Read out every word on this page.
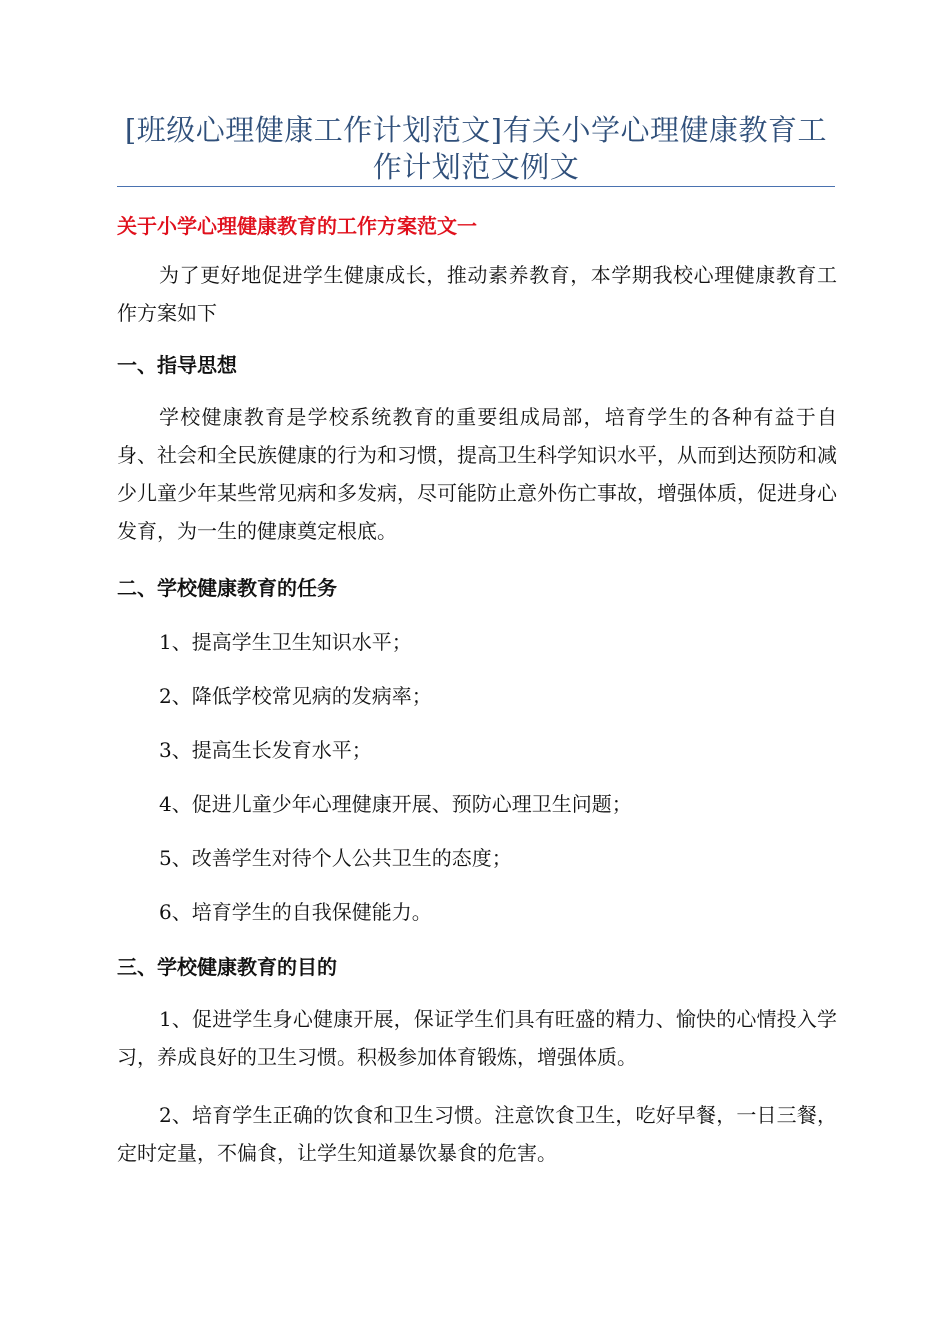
[班级心理健康工作计划范文]有关小学心理健康教育工
作计划范文例文
关于小学心理健康教育的工作方案范文一
为了更好地促进学生健康成长，推动素养教育，本学期我校心理健康教育工作方案如下
一、指导思想
学校健康教育是学校系统教育的重要组成局部，培育学生的各种有益于自身、社会和全民族健康的行为和习惯，提高卫生科学知识水平，从而到达预防和减少儿童少年某些常见病和多发病，尽可能防止意外伤亡事故，增强体质，促进身心发育，为一生的健康奠定根底。
二、学校健康教育的任务
1、提高学生卫生知识水平；
2、降低学校常见病的发病率；
3、提高生长发育水平；
4、促进儿童少年心理健康开展、预防心理卫生问题；
5、改善学生对待个人公共卫生的态度；
6、培育学生的自我保健能力。
三、学校健康教育的目的
1、促进学生身心健康开展，保证学生们具有旺盛的精力、愉快的心情投入学习，养成良好的卫生习惯。积极参加体育锻炼，增强体质。
2、培育学生正确的饮食和卫生习惯。注意饮食卫生，吃好早餐，一日三餐，定时定量，不偏食，让学生知道暴饮暴食的危害。
